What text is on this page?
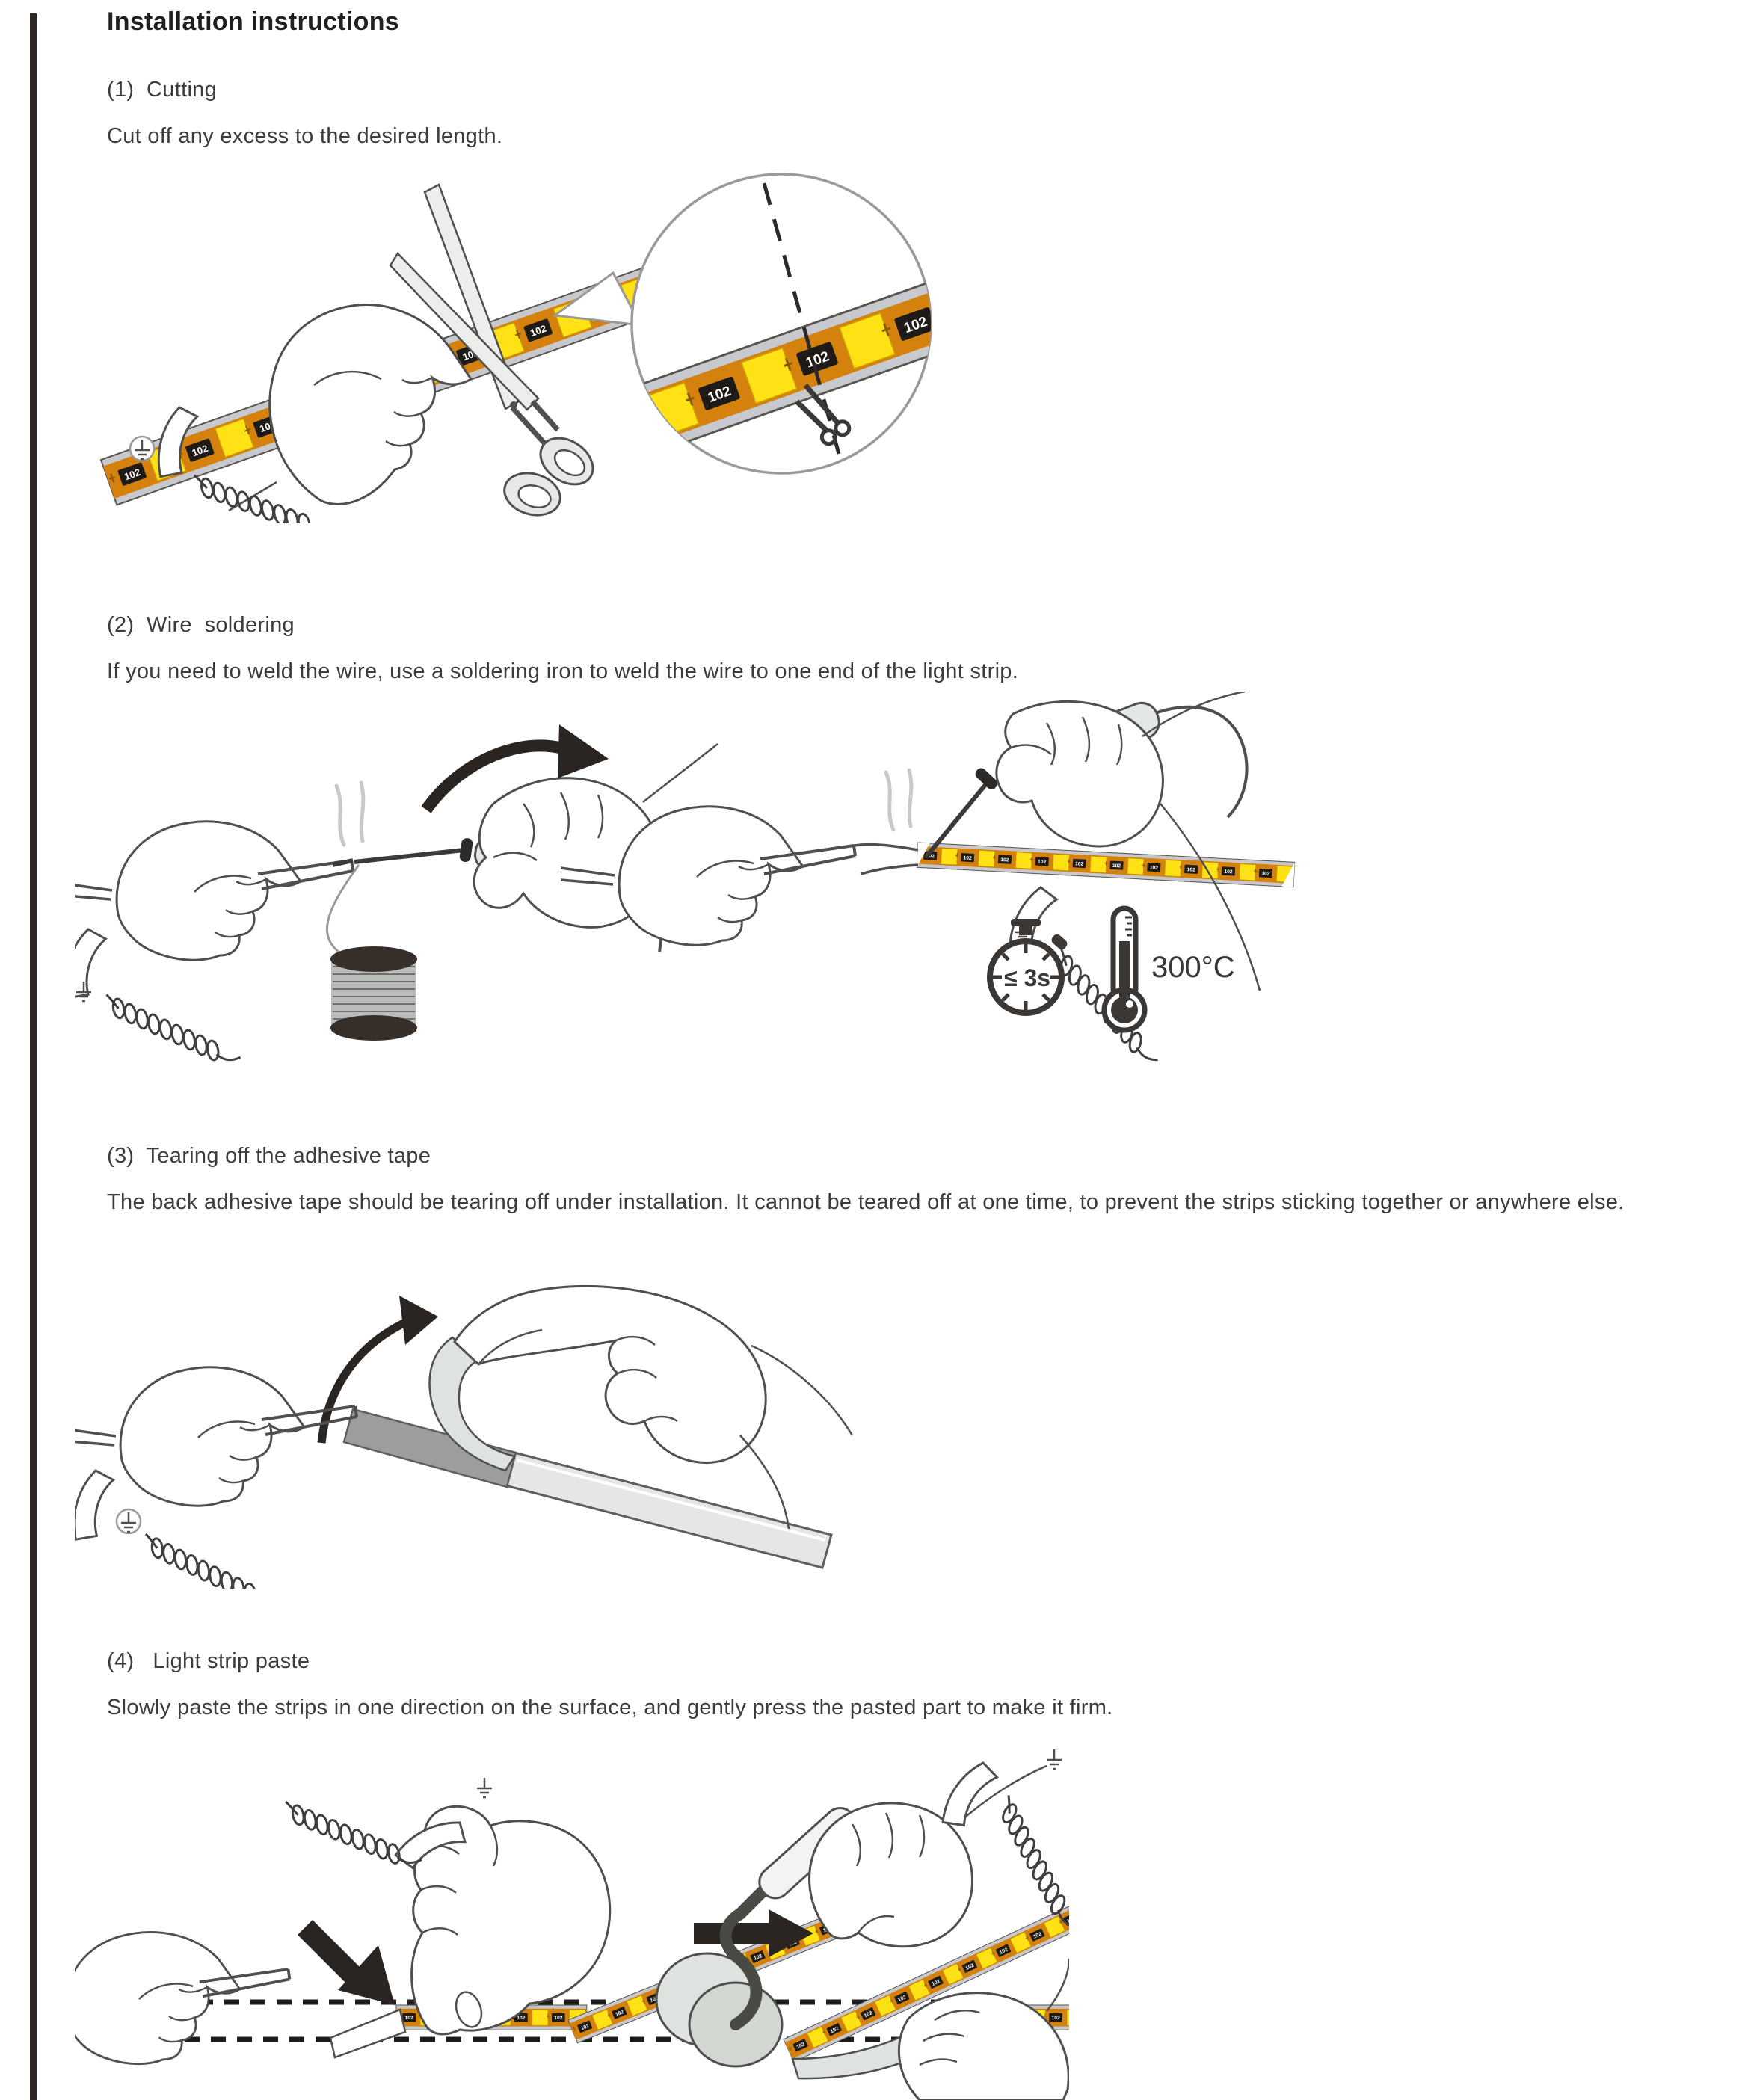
Installation instructions
(1)  Cutting
Cut off any excess to the desired length.
(2)  Wire  soldering
If you need to weld the wire, use a soldering iron to weld the wire to one end of the light strip.
(3)  Tearing off the adhesive tape
The back adhesive tape should be tearing off under installation. It cannot be teared off at one time, to prevent the strips sticking together or anywhere else.
(4)   Light strip paste
Slowly paste the strips in one direction on the surface, and gently press the pasted part to make it firm.
300°C
